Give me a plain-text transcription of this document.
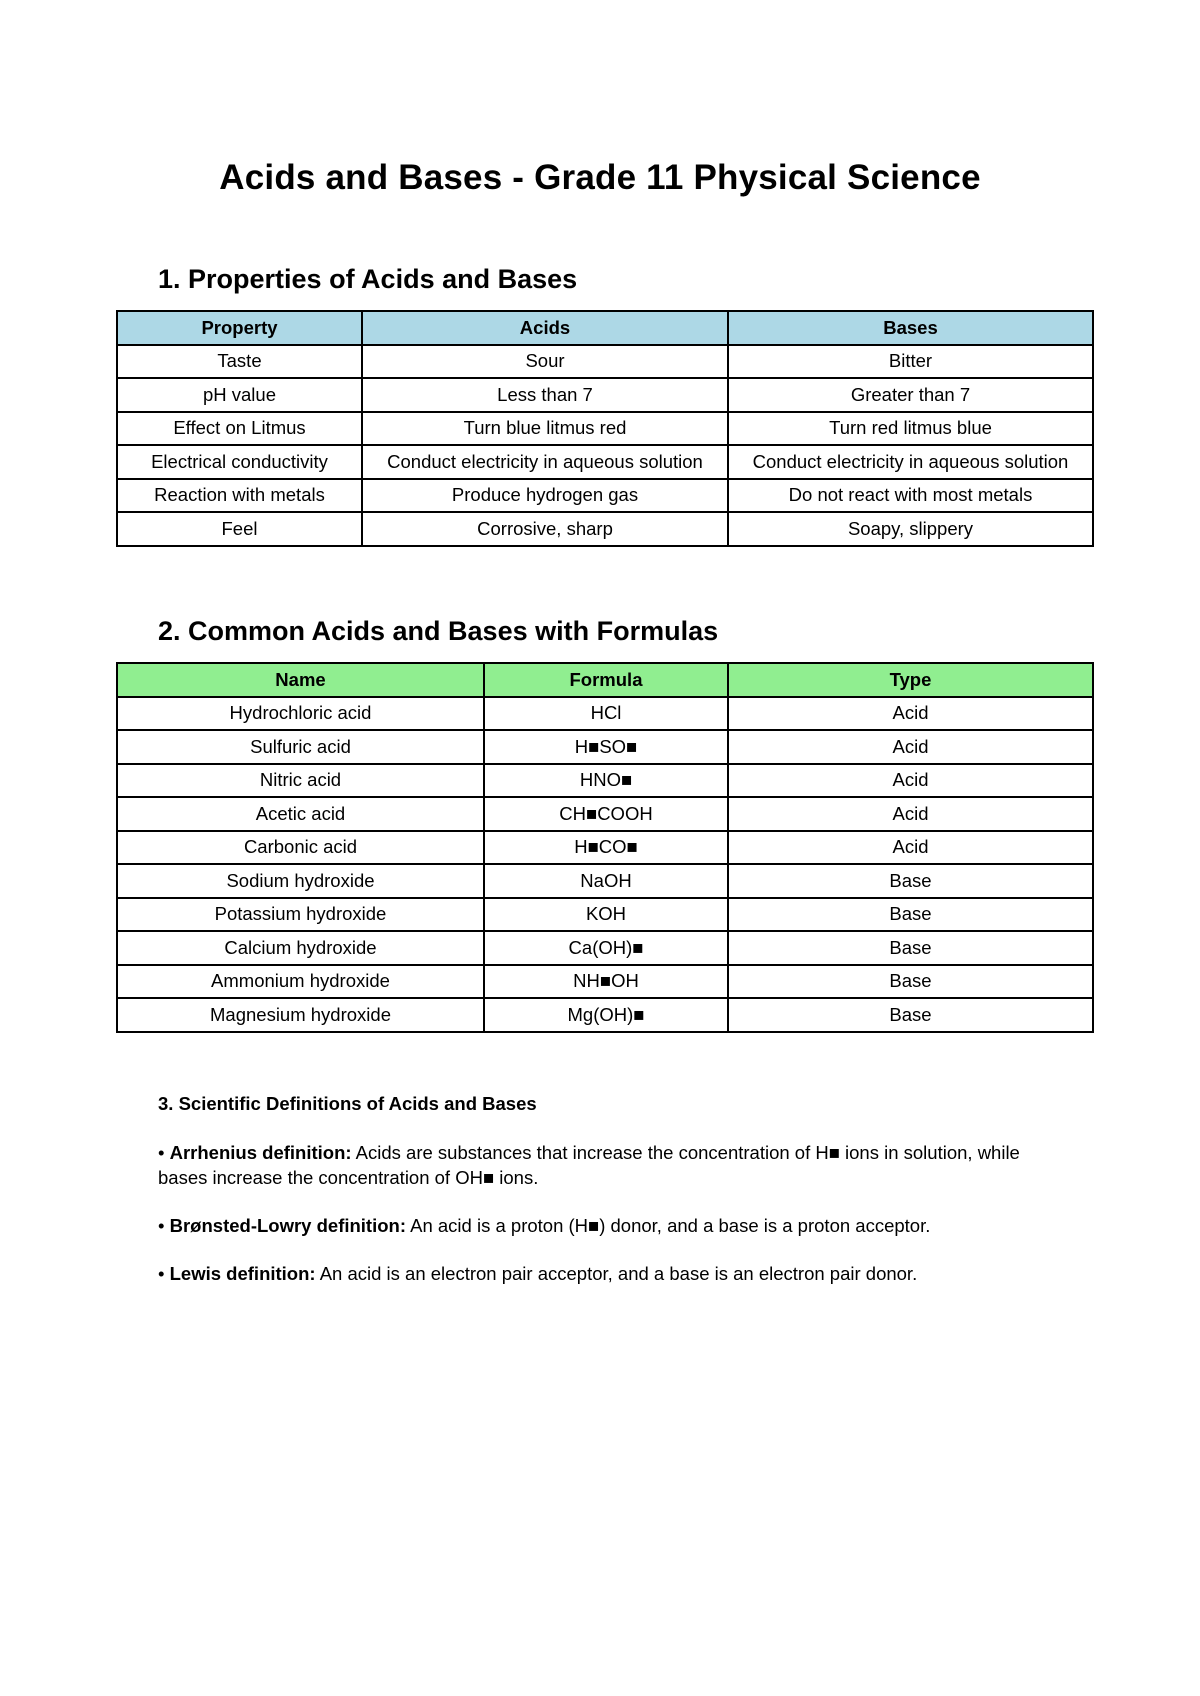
Acids and Bases - Grade 11 Physical Science
1. Properties of Acids and Bases
Property	Acids	Bases
Taste	Sour	Bitter
pH value	Less than 7	Greater than 7
Effect on Litmus	Turn blue litmus red	Turn red litmus blue
Electrical conductivity	Conduct electricity in aqueous solution	Conduct electricity in aqueous solution
Reaction with metals	Produce hydrogen gas	Do not react with most metals
Feel	Corrosive, sharp	Soapy, slippery
2. Common Acids and Bases with Formulas
Name	Formula	Type
Hydrochloric acid	HCl	Acid
Sulfuric acid	H■SO■	Acid
Nitric acid	HNO■	Acid
Acetic acid	CH■COOH	Acid
Carbonic acid	H■CO■	Acid
Sodium hydroxide	NaOH	Base
Potassium hydroxide	KOH	Base
Calcium hydroxide	Ca(OH)■	Base
Ammonium hydroxide	NH■OH	Base
Magnesium hydroxide	Mg(OH)■	Base
3. Scientific Definitions of Acids and Bases
• Arrhenius definition: Acids are substances that increase the concentration of H■ ions in solution, while bases increase the concentration of OH■ ions.
• Brønsted-Lowry definition: An acid is a proton (H■) donor, and a base is a proton acceptor.
• Lewis definition: An acid is an electron pair acceptor, and a base is an electron pair donor.
